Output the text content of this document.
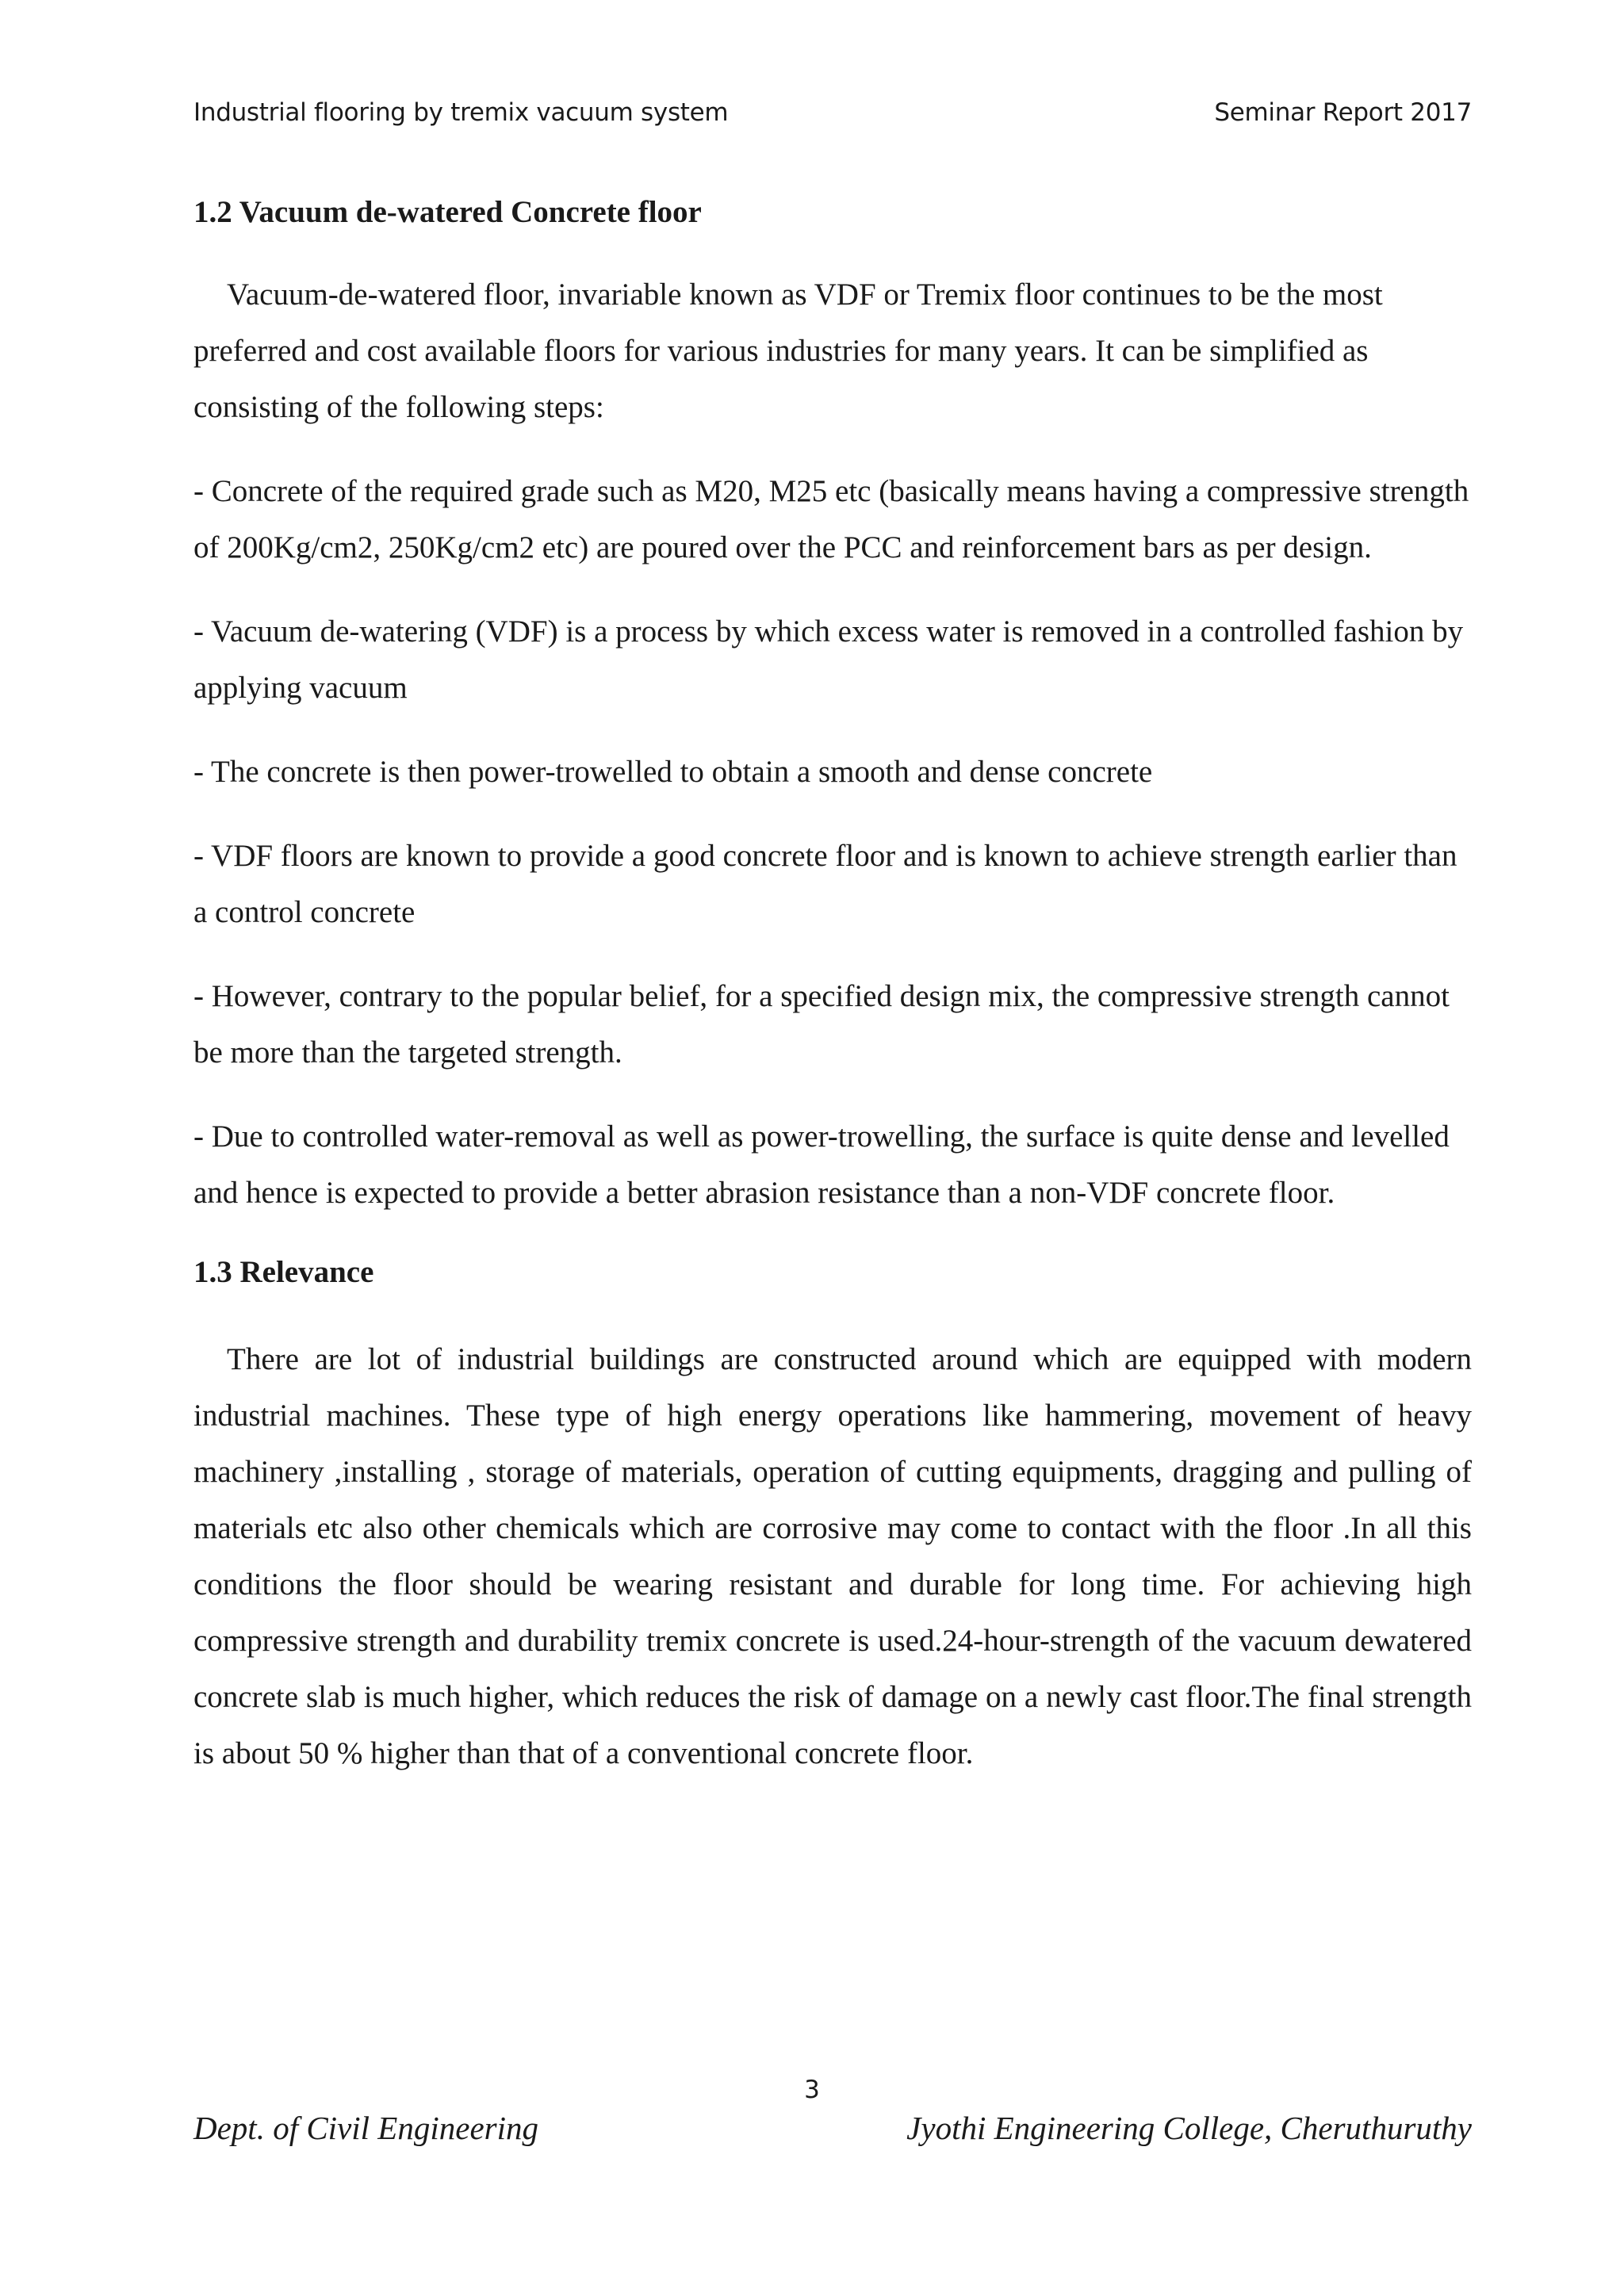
Industrial flooring by tremix vacuum system	Seminar Report 2017
1.2 Vacuum de-watered Concrete floor

Vacuum-de-watered floor, invariable known as VDF or Tremix floor continues to be the most preferred and cost available floors for various industries for many years. It can be simplified as consisting of the following steps:

- Concrete of the required grade such as M20, M25 etc (basically means having a compressive strength of 200Kg/cm2, 250Kg/cm2 etc) are poured over the PCC and reinforcement bars as per design.

- Vacuum de-watering (VDF) is a process by which excess water is removed in a controlled fashion by applying vacuum

- The concrete is then power-trowelled to obtain a smooth and dense concrete

- VDF floors are known to provide a good concrete floor and is known to achieve strength earlier than a control concrete

- However, contrary to the popular belief, for a specified design mix, the compressive strength cannot be more than the targeted strength.

- Due to controlled water-removal as well as power-trowelling, the surface is quite dense and levelled and hence is expected to provide a better abrasion resistance than a non-VDF concrete floor.

1.3 Relevance

There are lot of industrial buildings are constructed around which are equipped with modern industrial machines. These type of high energy operations like hammering, movement of heavy machinery ,installing , storage of materials, operation of cutting equipments, dragging and pulling of materials etc also other chemicals which are corrosive may come to contact with the floor .In all this conditions the floor should be wearing resistant and durable for long time. For achieving high compressive strength and durability tremix concrete is used.24-hour-strength of the vacuum dewatered concrete slab is much higher, which reduces the risk of damage on a newly cast floor.The final strength is about 50 % higher than that of a conventional concrete floor.

3
Dept. of Civil Engineering	Jyothi Engineering College, Cheruthuruthy
